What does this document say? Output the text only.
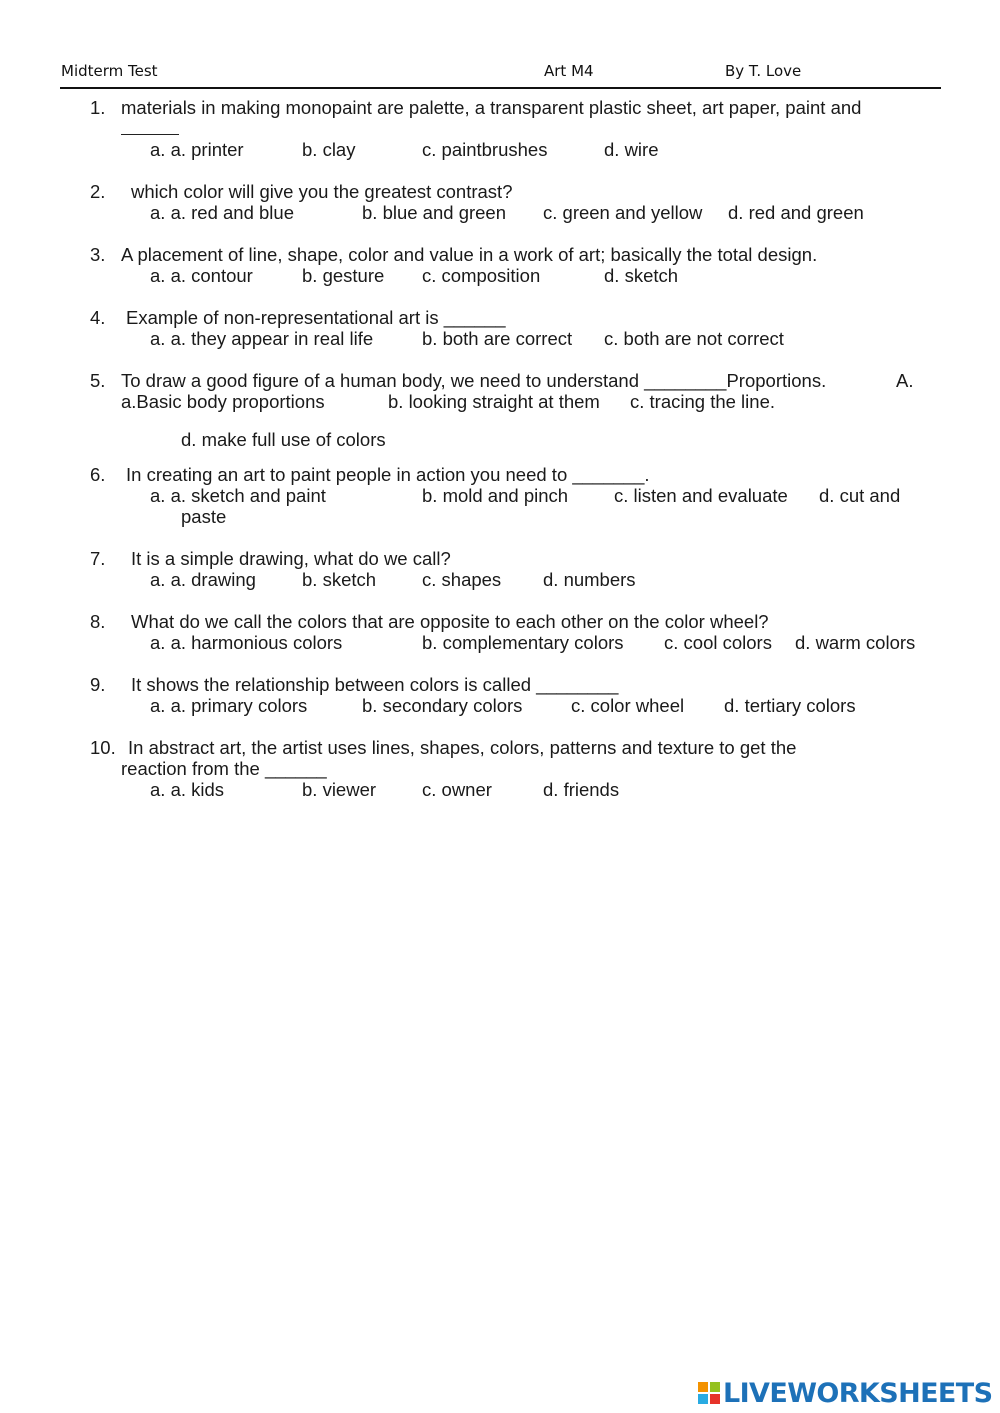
Midterm Test	Art M4	By T. Love
1. materials in making monopaint are palette, a transparent plastic sheet, art paper, paint and
a. a. printer	b. clay	c. paintbrushes	d. wire
2. which color will give you the greatest contrast?
a. a. red and blue	b. blue and green c. green and yellow d. red and green
3. A placement of line, shape, color and value in a work of art; basically the total design.
a. a. contour	b. gesture c. composition	d. sketch
4. Example of non-representational art is ______
a. a. they appear in real life	b. both are correct c. both are not correct
5. To draw a good figure of a human body, we need to understand ________Proportions.	A.
a.Basic body proportions	b. looking straight at them c. tracing the line.
d. make full use of colors
6. In creating an art to paint people in action you need to _______.
a. a. sketch and paint	b. mold and pinch c. listen and evaluate d. cut and
paste
7. It is a simple drawing, what do we call?
a. a. drawing b. sketch c. shapes d. numbers
8. What do we call the colors that are opposite to each other on the color wheel?
a. a. harmonious colors	b. complementary colors c. cool colors d. warm colors
9. It shows the relationship between colors is called ________
a. a. primary colors	b. secondary colors	c. color wheel d. tertiary colors
10. In abstract art, the artist uses lines, shapes, colors, patterns and texture to get the
reaction from the ______
a. a. kids	b. viewer c. owner	d. friends
LIVEWORKSHEETS
